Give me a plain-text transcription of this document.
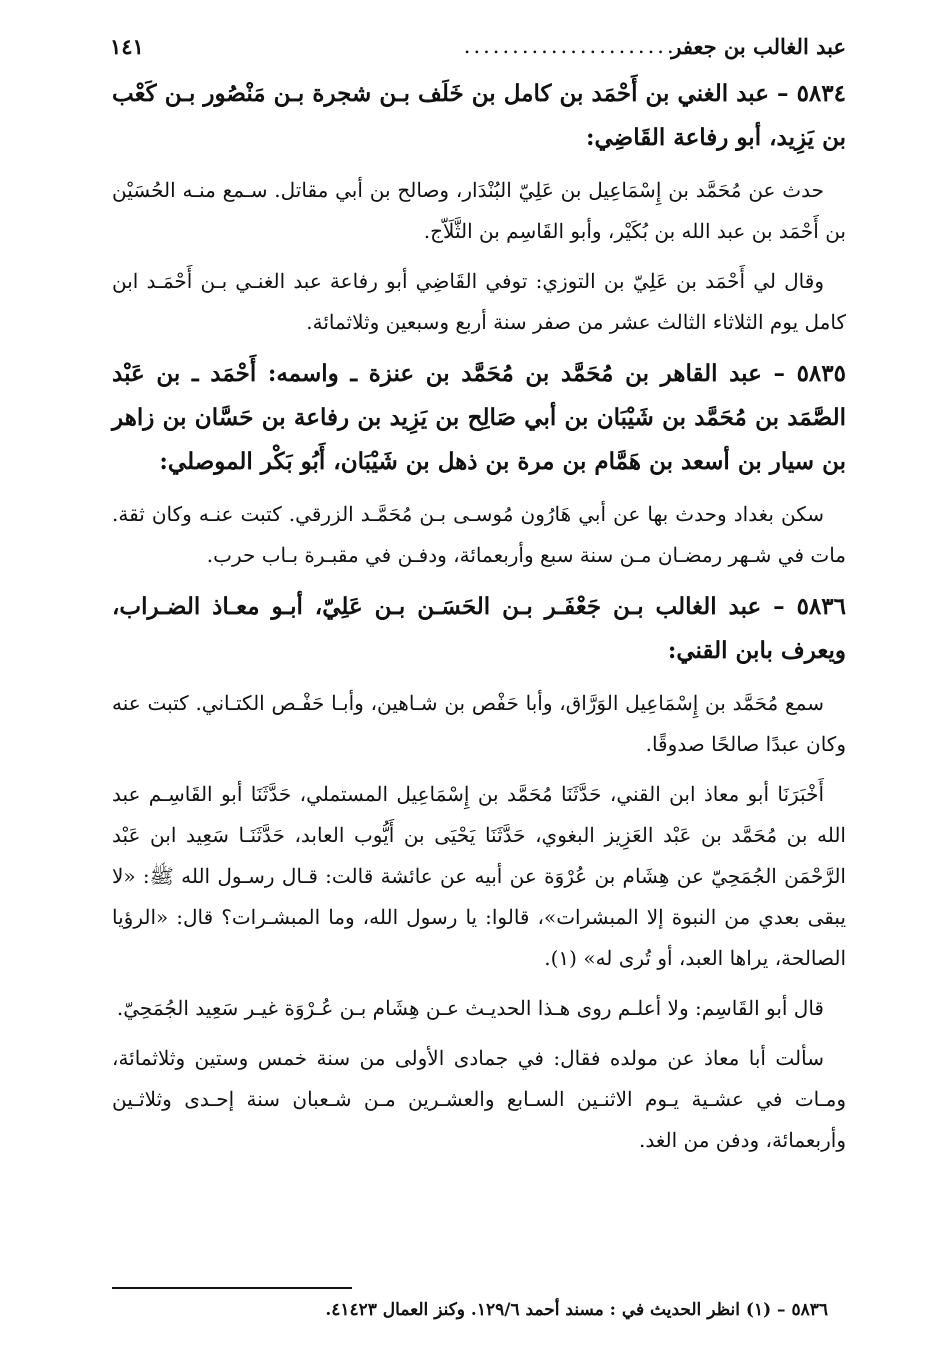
عبد الغالب بن جعفر
........................
١٤١
٥٨٣٤ – عبد الغني بن أَحْمَد بن كامل بن خَلَف بـن شجرة بـن مَنْصُور بـن كَعْب بن يَزِيد، أبو رفاعة القَاضِي:

حدث عن مُحَمَّد بن إِسْمَاعِيل بن عَلِيّ البُنْدَار، وصالح بن أبي مقاتل. سـمع منـه الحُسَيْن بن أَحْمَد بن عبد الله بن بُكَيْر، وأبو القَاسِم بن الثَّلَاّج.

وقال لي أَحْمَد بن عَلِيّ بن التوزي: توفي القَاضِي أبو رفاعة عبد الغنـي بـن أَحْمَـد ابن كامل يوم الثلاثاء الثالث عشر من صفر سنة أربع وسبعين وثلاثمائة.

٥٨٣٥ – عبد القاهر بن مُحَمَّد بن مُحَمَّد بن عنزة ـ واسمه: أَحْمَد ـ بن عَبْد الصَّمَد بن مُحَمَّد بن شَيْبَان بن أبي صَالِح بن يَزِيد بن رفاعة بن حَسَّان بن زاهر بن سيار بن أسعد بن هَمَّام بن مرة بن ذهل بن شَيْبَان، أَبُو بَكْر الموصلي:

سكن بغداد وحدث بها عن أبي هَارُون مُوسـى بـن مُحَمَّـد الزرقي. كتبت عنـه وكان ثقة. مات في شـهر رمضـان مـن سنة سبع وأربعمائة، ودفـن في مقبـرة بـاب حرب.

٥٨٣٦ – عبد الغالب بـن جَعْفَـر بـن الحَسَـن بـن عَلِيّ، أبـو معـاذ الضـراب، ويعرف بابن القني:

سمع مُحَمَّد بن إِسْمَاعِيل الوَرَّاق، وأبا حَفْص بن شـاهين، وأبـا حَفْـص الكتـاني. كتبت عنه وكان عبدًا صالحًا صدوقًا.

أَخْبَرَنَا أبو معاذ ابن القني، حَدَّثَنَا مُحَمَّد بن إِسْمَاعِيل المستملي، حَدَّثَنَا أبو القَاسِـم عبد الله بن مُحَمَّد بن عَبْد العَزِيز البغوي، حَدَّثَنَا يَحْيَى بن أَيُّوب العابد، حَدَّثَنَـا سَعِيد ابن عَبْد الرَّحْمَن الجُمَحِيّ عن هِشَام بن عُرْوَة عن أبيه عن عائشة قالت: قـال رسـول الله ﷺ: «لا يبقى بعدي من النبوة إلا المبشرات»، قالوا: يا رسول الله، وما المبشـرات؟ قال: «الرؤيا الصالحة، يراها العبد، أو تُرى له» (١).

قال أبو القَاسِم: ولا أعلـم روى هـذا الحديـث عـن هِشَام بـن عُـرْوَة غيـر سَعِيد الجُمَحِيّ.

سألت أبا معاذ عن مولده فقال: في جمادى الأولى من سنة خمس وستين وثلاثمائة، ومـات في عشـية يـوم الاثنـين السـابع والعشـرين مـن شـعبان سنة إحـدى وثلاثـين وأربعمائة، ودفن من الغد.

٥٨٣٦ – (١) انظر الحديث في : مسند أحمد ١٢٩/٦. وكنز العمال ٤١٤٢٣.
